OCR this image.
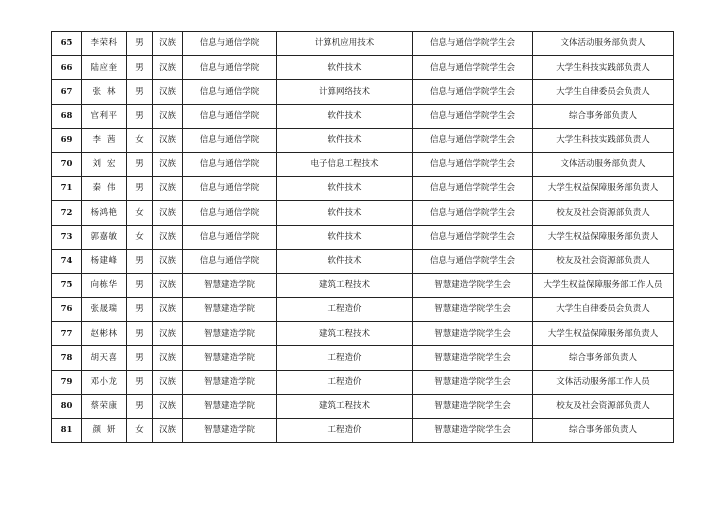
65	李荣科	男	汉族	信息与通信学院	计算机应用技术	信息与通信学院学生会	文体活动服务部负责人
66	陆应奎	男	汉族	信息与通信学院	软件技术	信息与通信学院学生会	大学生科技实践部负责人
67	张林	男	汉族	信息与通信学院	计算网络技术	信息与通信学院学生会	大学生自律委员会负责人
68	官利平	男	汉族	信息与通信学院	软件技术	信息与通信学院学生会	综合事务部负责人
69	李茜	女	汉族	信息与通信学院	软件技术	信息与通信学院学生会	大学生科技实践部负责人
70	刘宏	男	汉族	信息与通信学院	电子信息工程技术	信息与通信学院学生会	文体活动服务部负责人
71	秦伟	男	汉族	信息与通信学院	软件技术	信息与通信学院学生会	大学生权益保障服务部负责人
72	杨鸿艳	女	汉族	信息与通信学院	软件技术	信息与通信学院学生会	校友及社会资源部负责人
73	郭嘉敏	女	汉族	信息与通信学院	软件技术	信息与通信学院学生会	大学生权益保障服务部负责人
74	杨建峰	男	汉族	信息与通信学院	软件技术	信息与通信学院学生会	校友及社会资源部负责人
75	向栋华	男	汉族	智慧建造学院	建筑工程技术	智慧建造学院学生会	大学生权益保障服务部工作人员
76	张晟瑞	男	汉族	智慧建造学院	工程造价	智慧建造学院学生会	大学生自律委员会负责人
77	赵彬林	男	汉族	智慧建造学院	建筑工程技术	智慧建造学院学生会	大学生权益保障服务部负责人
78	胡天喜	男	汉族	智慧建造学院	工程造价	智慧建造学院学生会	综合事务部负责人
79	邓小龙	男	汉族	智慧建造学院	工程造价	智慧建造学院学生会	文体活动服务部工作人员
80	蔡荣康	男	汉族	智慧建造学院	建筑工程技术	智慧建造学院学生会	校友及社会资源部负责人
81	颜妍	女	汉族	智慧建造学院	工程造价	智慧建造学院学生会	综合事务部负责人
